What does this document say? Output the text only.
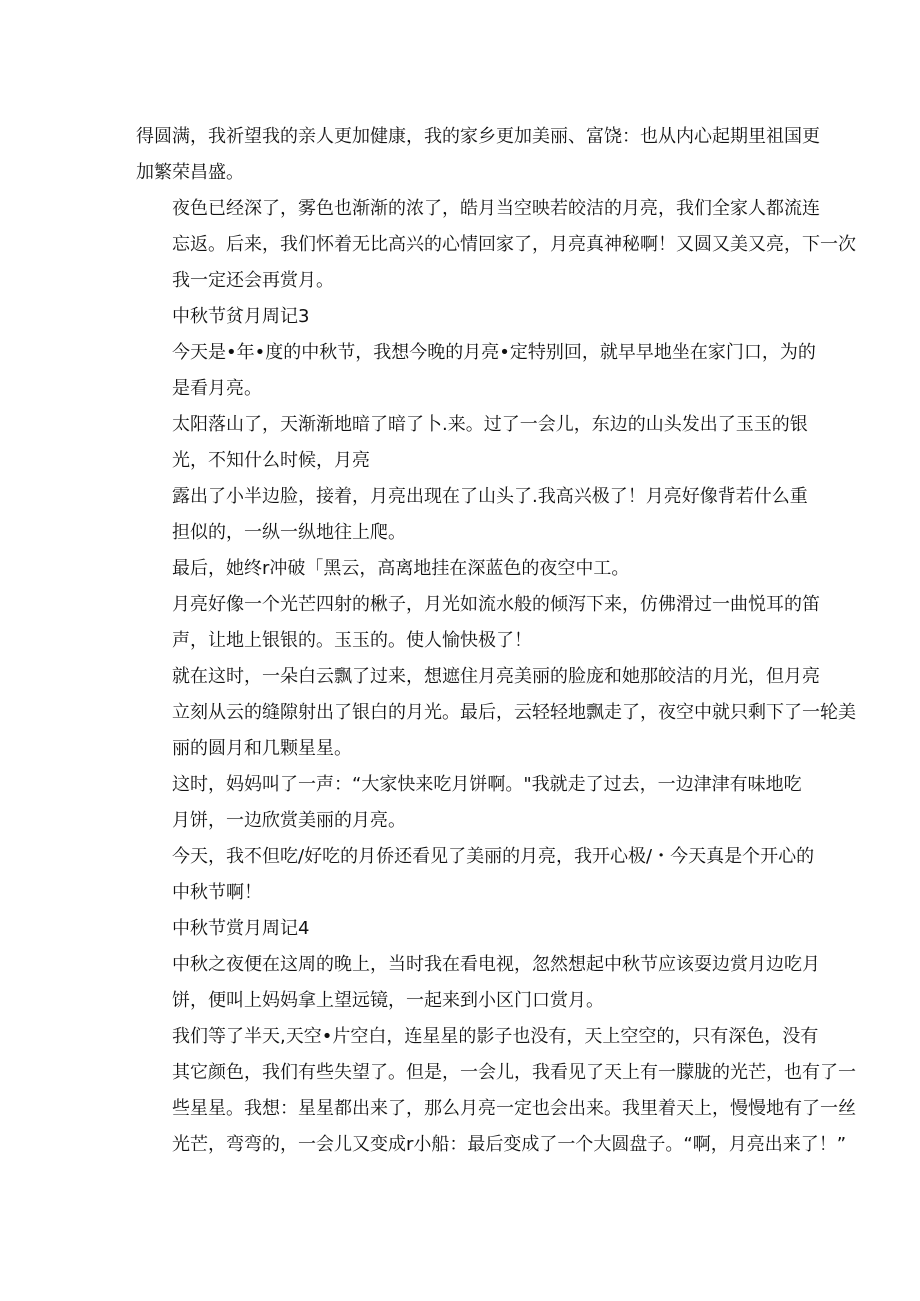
得圆满，我祈望我的亲人更加健康，我的家乡更加美丽、富饶：也从内心起期里祖国更
加繁荣昌盛。
夜色已经深了，雾色也渐渐的浓了，皓月当空映若皎洁的月亮，我们全家人都流连
忘返。后来，我们怀着无比高兴的心情回家了，月亮真神秘啊！又圆又美又亮，下一次
我一定还会再赏月。
中秋节贫月周记3
今天是•年•度的中秋节，我想今晚的月亮•定特别回，就早早地坐在家门口，为的
是看月亮。
太阳落山了，天渐渐地暗了暗了卜.来。过了一会儿，东边的山头发出了玉玉的银
光，不知什么时候，月亮
露出了小半边脸，接着，月亮出现在了山头了.我高兴极了！月亮好像背若什么重
担似的，一纵一纵地往上爬。
最后，她终r冲破「黑云，高离地挂在深蓝色的夜空中工。
月亮好像一个光芒四射的楸子，月光如流水般的倾泻下来，仿佛滑过一曲悦耳的笛
声，让地上银银的。玉玉的。使人愉快极了！
就在这时，一朵白云飘了过来，想遮住月亮美丽的脸庞和她那皎洁的月光，但月亮
立刻从云的缝隙射出了银白的月光。最后，云轻轻地飘走了，夜空中就只剩下了一轮美
丽的圆月和几颗星星。
这时，妈妈叫了一声：“大家快来吃月饼啊。"我就走了过去，一边津津有味地吃
月饼，一边欣赏美丽的月亮。
今天，我不但吃/好吃的月侨还看见了美丽的月亮，我开心极/・今天真是个开心的
中秋节啊！
中秋节赏月周记4
中秋之夜便在这周的晚上，当时我在看电视，忽然想起中秋节应该耍边赏月边吃月
饼，便叫上妈妈拿上望远镜，一起来到小区门口赏月。
我们等了半天,天空•片空白，连星星的影子也没有，天上空空的，只有深色，没有
其它颜色，我们有些失望了。但是，一会儿，我看见了天上有一朦胧的光芒，也有了一
些星星。我想：星星都出来了，那么月亮一定也会出来。我里着天上，慢慢地有了一丝
光芒，弯弯的，一会儿又变成r小船：最后变成了一个大圆盘子。“啊，月亮出来了！”
